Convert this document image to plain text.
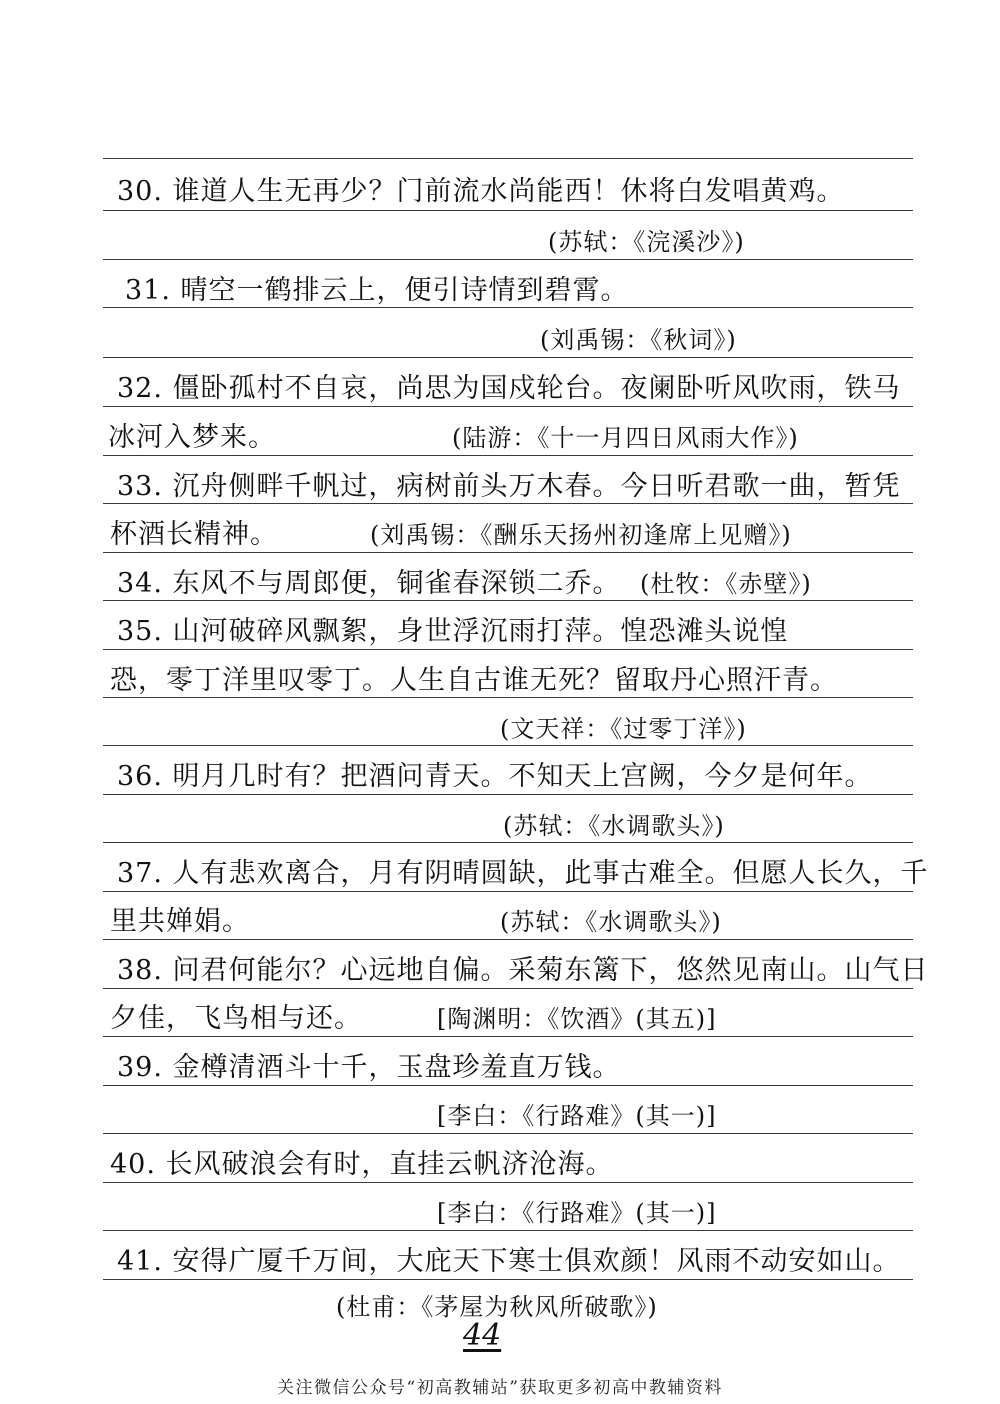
30. 谁道人生无再少？门前流水尚能西！休将白发唱黄鸡。
(苏轼：《浣溪沙》)
31. 晴空一鹤排云上，便引诗情到碧霄。
(刘禹锡：《秋词》)
32. 僵卧孤村不自哀，尚思为国戍轮台。夜阑卧听风吹雨，铁马
冰河入梦来。	(陆游：《十一月四日风雨大作》)
33. 沉舟侧畔千帆过，病树前头万木春。今日听君歌一曲，暂凭
杯酒长精神。	(刘禹锡：《酬乐天扬州初逢席上见赠》)
34. 东风不与周郎便，铜雀春深锁二乔。 (杜牧：《赤壁》)
35. 山河破碎风飘絮，身世浮沉雨打萍。惶恐滩头说惶
恐，零丁洋里叹零丁。人生自古谁无死？留取丹心照汗青。
(文天祥：《过零丁洋》)
36. 明月几时有？把酒问青天。不知天上宫阙，今夕是何年。
(苏轼：《水调歌头》)
37. 人有悲欢离合，月有阴晴圆缺，此事古难全。但愿人长久，千
里共婵娟。	(苏轼：《水调歌头》)
38. 问君何能尔？心远地自偏。采菊东篱下，悠然见南山。山气日
夕佳，飞鸟相与还。	[陶渊明：《饮酒》(其五)]
39. 金樽清酒斗十千，玉盘珍羞直万钱。
[李白：《行路难》(其一)]
40. 长风破浪会有时，直挂云帆济沧海。
[李白：《行路难》(其一)]
41. 安得广厦千万间，大庇天下寒士俱欢颜！风雨不动安如山。
(杜甫：《茅屋为秋风所破歌》)
44
关注微信公众号“初高教辅站”获取更多初高中教辅资料
